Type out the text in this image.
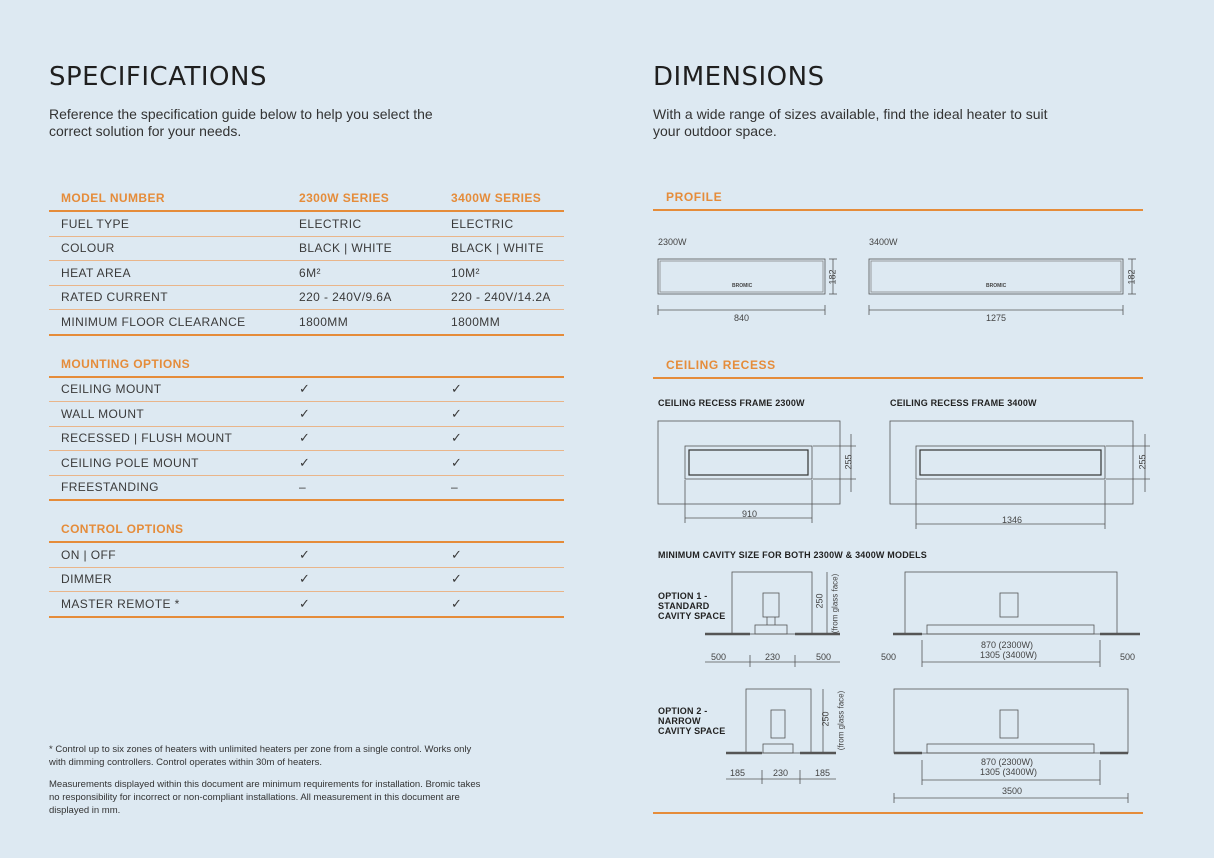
SPECIFICATIONS
Reference the specification guide below to help you select the correct solution for your needs.
MODEL NUMBER	2300W SERIES	3400W SERIES
FUEL TYPE	ELECTRIC	ELECTRIC
COLOUR	BLACK | WHITE	BLACK | WHITE
HEAT AREA	6M²	10M²
RATED CURRENT	220 - 240V/9.6A	220 - 240V/14.2A
MINIMUM FLOOR CLEARANCE	1800MM	1800MM

MOUNTING OPTIONS		
CEILING MOUNT	✓	✓
WALL MOUNT	✓	✓
RECESSED | FLUSH MOUNT	✓	✓
CEILING POLE MOUNT	✓	✓
FREESTANDING	–	–

CONTROL OPTIONS		
ON | OFF	✓	✓
DIMMER	✓	✓
MASTER REMOTE *	✓	✓
* Control up to six zones of heaters with unlimited heaters per zone from a single control. Works only with dimming controllers. Control operates within 30m of heaters.
Measurements displayed within this document are minimum requirements for installation. Bromic takes no responsibility for incorrect or non-compliant installations. All measurement in this document are displayed in mm.
DIMENSIONS
With a wide range of sizes available, find the ideal heater to suit your outdoor space.
PROFILE
CEILING RECESS
2300W	3400W
840	1275
182	182
BROMIC	BROMIC
CEILING RECESS FRAME 2300W	CEILING RECESS FRAME 3400W
910
1346
255	255
MINIMUM CAVITY SIZE FOR BOTH 2300W & 3400W MODELS
OPTION 1 - STANDARD CAVITY SPACE
250 (from glass face)
500	230	500	500	500
870 (2300W)
1305 (3400W)
OPTION 2 - NARROW CAVITY SPACE
250 (from glass face)
185	230	185
870 (2300W)
1305 (3400W)
3500
